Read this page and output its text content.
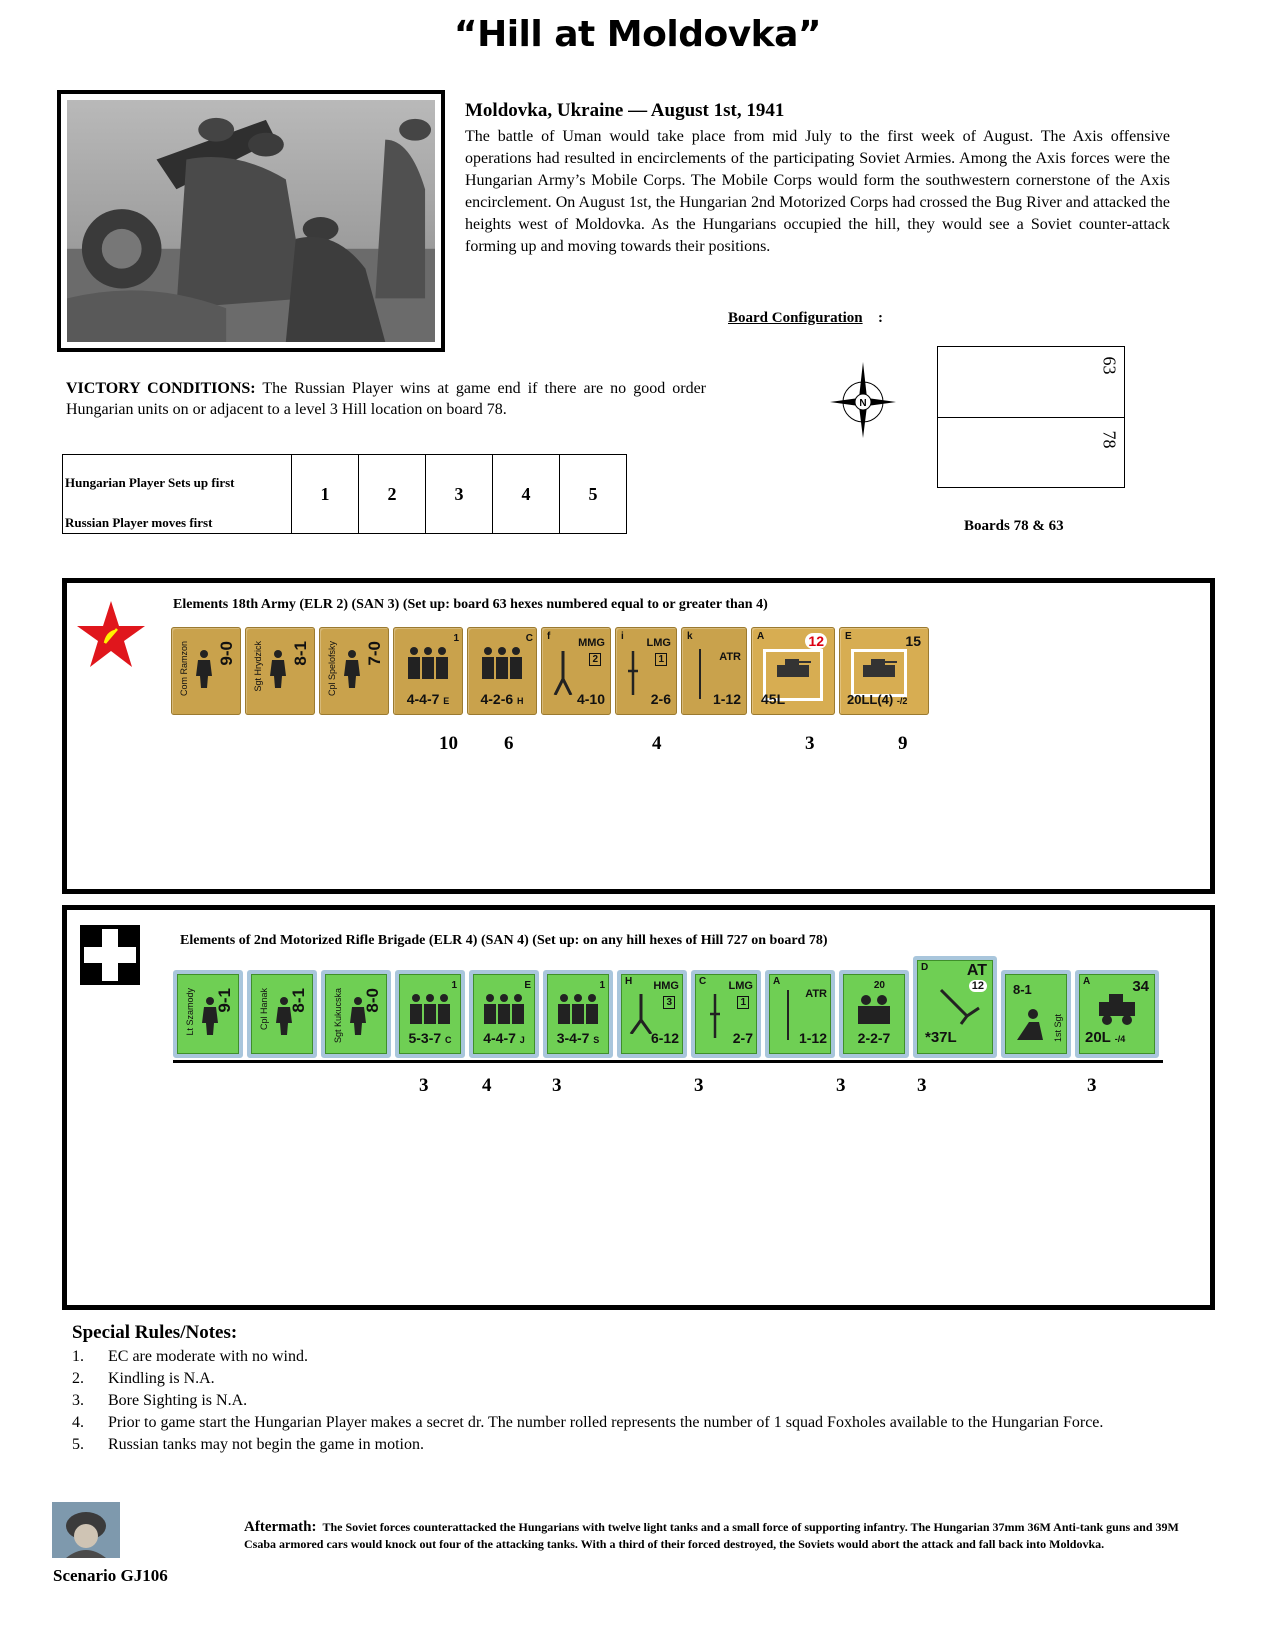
“Hill at Moldovka”
Moldovka, Ukraine — August 1st, 1941
The battle of Uman would take place from mid July to the first week of August. The Axis offensive operations had resulted in encirclements of the participating Soviet Armies. Among the Axis forces were the Hungarian Army’s Mobile Corps. The Mobile Corps would form the southwestern cornerstone of the Axis encirclement. On August 1st, the Hungarian 2nd Motorized Corps had crossed the Bug River and attacked the heights west of Moldovka. As the Hungarians occupied the hill, they would see a Soviet counter-attack forming up and moving towards their positions.
Board Configuration :
N
63
78
Boards 78 & 63
VICTORY CONDITIONS: The Russian Player wins at game end if there are no good order Hungarian units on or adjacent to a level 3 Hill location on board 78.
Hungarian Player Sets up first
Russian Player moves first
	1	2	3	4	5
Elements 18th Army (ELR 2) (SAN 3) (Set up: board 63 hexes numbered equal to or greater than 4)
Com Ramzon 9-0 Sgt Hrydzick 8-1 Cpl Spelofsky 7-0
1
4-4-7 E
C
4-2-6 H
f
MMG
2
4-10
i
LMG
1
2-6
k
ATR
1-12
A	12
45L
E	15
20LL(4) -/2
10 6	4	3	9
Elements of 2nd Motorized Rifle Brigade (ELR 4) (SAN 4) (Set up: on any hill hexes of Hill 727 on board 78)
Lt Szamody 9-1	Cpl Hanak 8-1	Sgt Kukucska 8-0
1
5-3-7 C
E
4-4-7 J
1
3-4-7 S
H HMG
3
6-12
C LMG
1
2-7
A
ATR
1-12
20
2-2-7
D AT
12
*37L
8-1
1st Sgt
A	34
20L -/4
3	4	3	3	3	3	3
Special Rules/Notes:
1.	EC are moderate with no wind.
2.	Kindling is N.A.
3.	Bore Sighting is N.A.
4.	Prior to game start the Hungarian Player makes a secret dr. The number rolled represents the number of 1 squad Foxholes available to the Hungarian Force.
5.	Russian tanks may not begin the game in motion.
Scenario GJ106
Aftermath: The Soviet forces counterattacked the Hungarians with twelve light tanks and a small force of supporting infantry. The Hungarian 37mm 36M Anti-tank guns and 39M Csaba armored cars would knock out four of the attacking tanks. With a third of their forced destroyed, the Soviets would abort the attack and fall back into Moldovka.
